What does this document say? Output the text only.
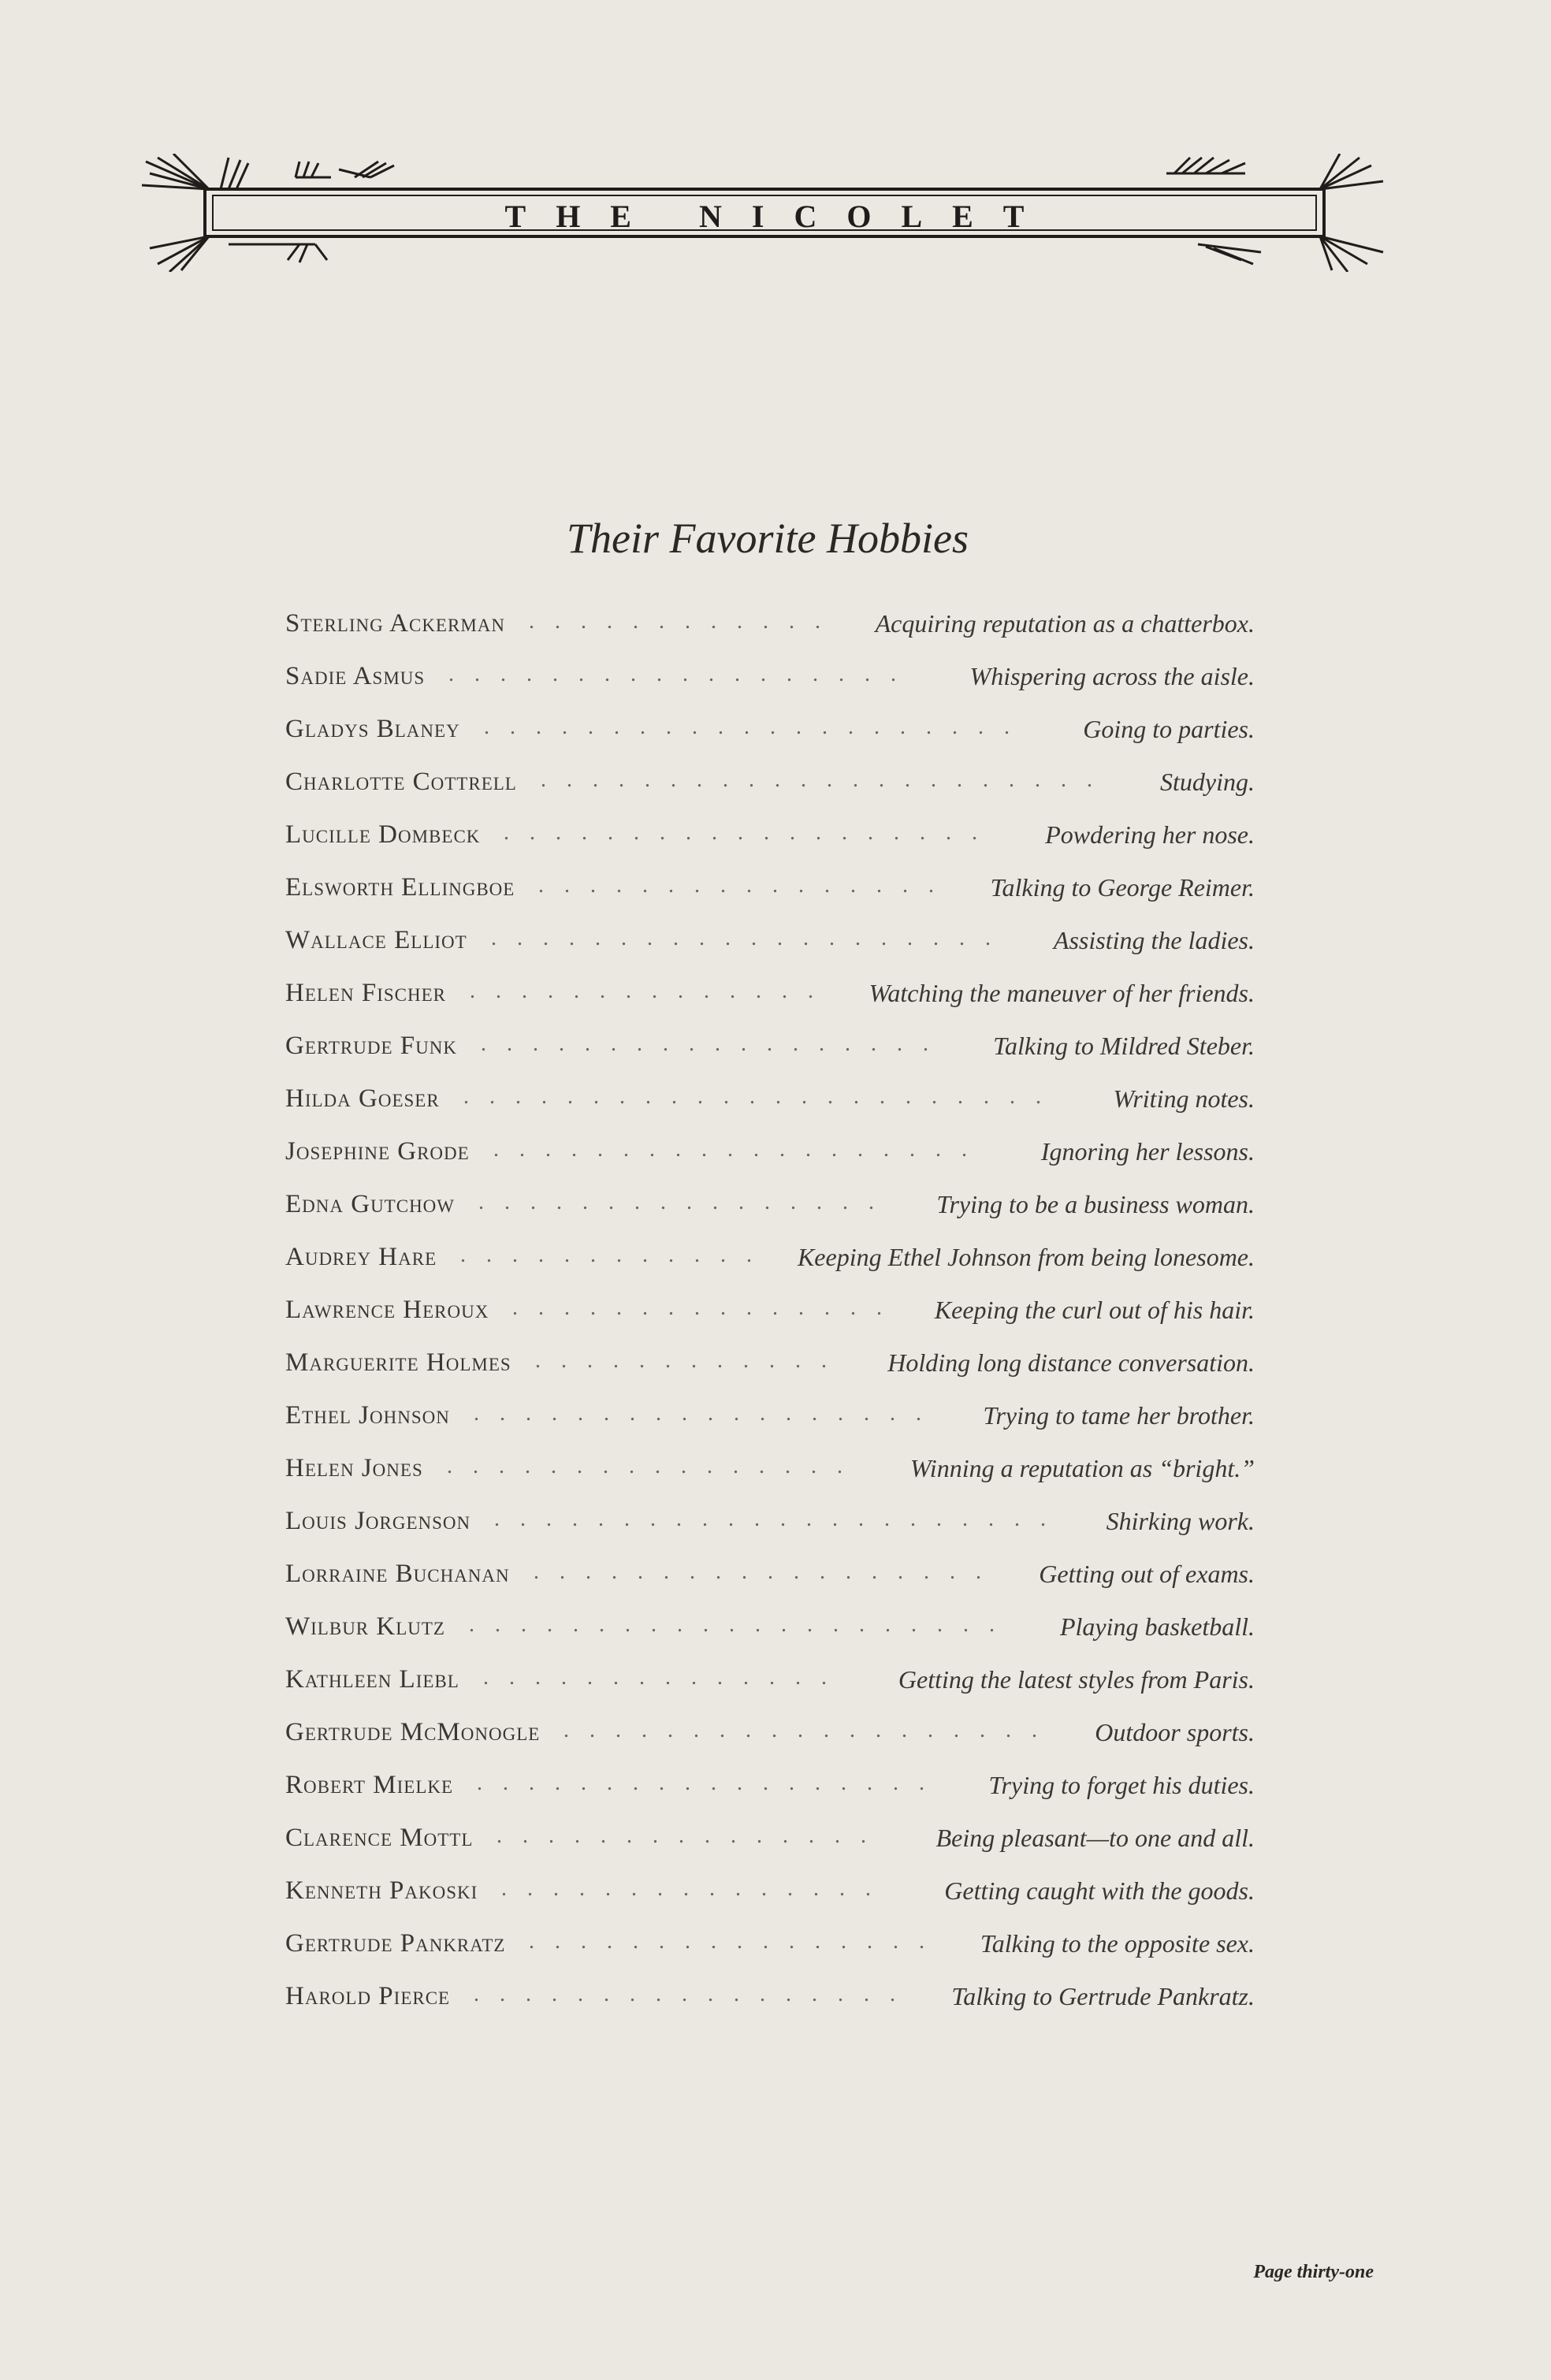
THE NICOLET
Their Favorite Hobbies
Sterling Ackerman	Acquiring reputation as a chatterbox.
............
Sadie Asmus	Whispering across the aisle.
..................
Gladys Blaney	Going to parties.
.....................
Charlotte Cottrell	Studying.
......................
Lucille Dombeck	Powdering her nose.
...................
Elsworth Ellingboe	Talking to George Reimer.
................
Wallace Elliot	Assisting the ladies.
....................
Helen Fischer	Watching the maneuver of her friends.
..............
Gertrude Funk	Talking to Mildred Steber.
..................
Hilda Goeser	Writing notes.
.......................
Josephine Grode	Ignoring her lessons.
...................
Edna Gutchow	Trying to be a business woman.
................
Audrey Hare	Keeping Ethel Johnson from being lonesome.
............
Lawrence Heroux	Keeping the curl out of his hair.
...............
Marguerite Holmes	Holding long distance conversation.
............
Ethel Johnson	Trying to tame her brother.
..................
Helen Jones	Winning a reputation as “bright.”
................
Louis Jorgenson	Shirking work.
......................
Lorraine Buchanan	Getting out of exams.
..................
Wilbur Klutz	Playing basketball.
.....................
Kathleen Liebl	Getting the latest styles from Paris.
..............
Gertrude McMonogle	Outdoor sports.
...................
Robert Mielke	Trying to forget his duties.
..................
Clarence Mottl	Being pleasant—to one and all.
...............
Kenneth Pakoski	Getting caught with the goods.
...............
Gertrude Pankratz	Talking to the opposite sex.
................
Harold Pierce	Talking to Gertrude Pankratz.
.................
Page thirty-one
